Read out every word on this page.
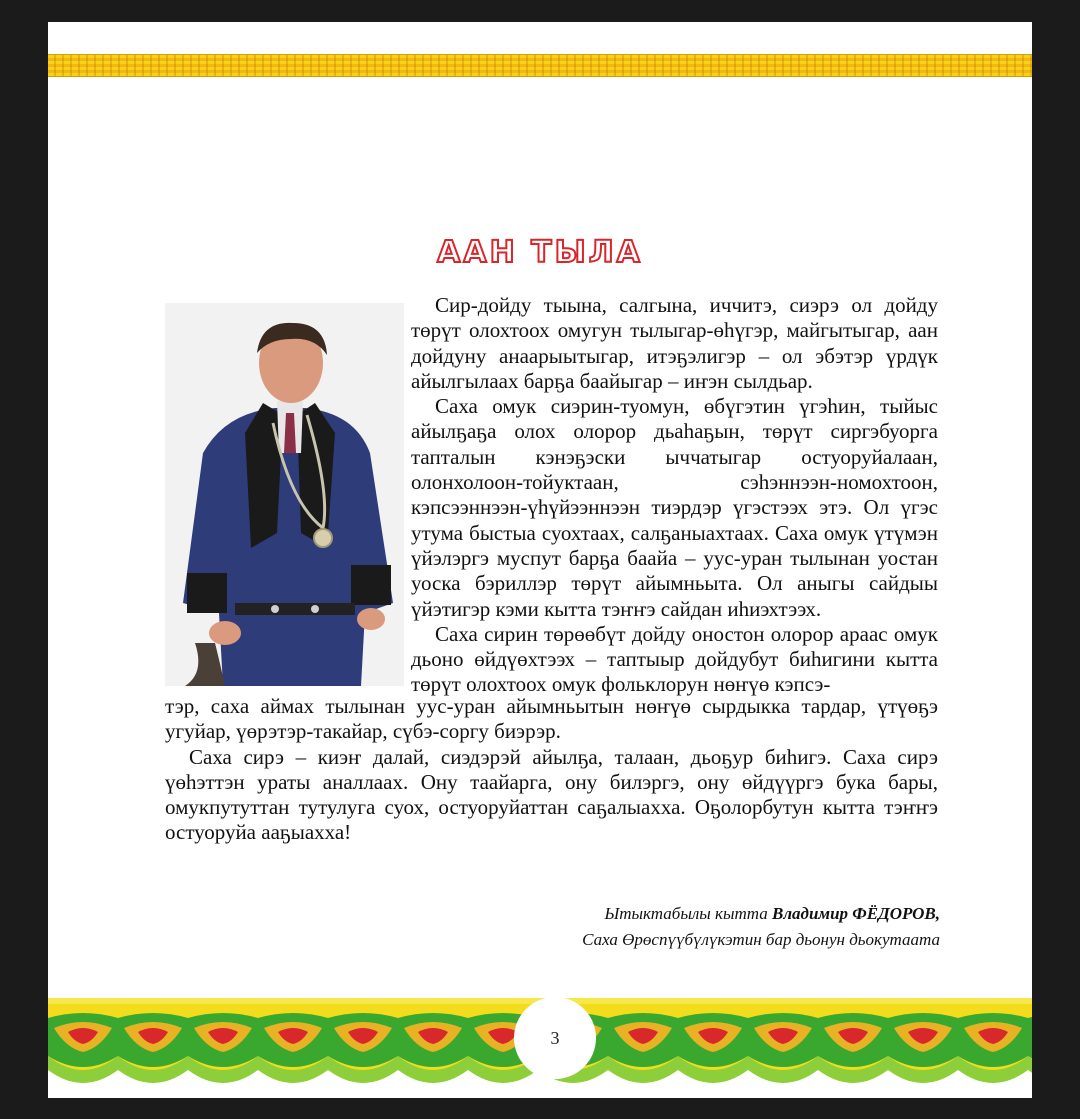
ААН ТЫЛА

Сир-дойду тыына, салгына, иччитэ, сиэрэ ол дойду төрүт олохтоох омугун тылыгар-өһүгэр, майгытыгар, аан дойдуну анаарыытыгар, итэҕэлигэр – ол эбэтэр үрдүк айылгылаах барҕа баайыгар – иҥэн сылдьар.

Саха омук сиэрин-туомун, өбүгэтин үгэһин, тыйыс айылҕаҕа олох олорор дьаһаҕын, төрүт сиргэбуорга тапталын кэнэҕэски ыччатыгар остуоруйалаан, олонхолоон-тойуктаан, сэһэннээн-номохтоон, кэпсээннээн-үһүйээннээн тиэрдэр үгэстээх этэ. Ол үгэс утума быстыа суохтаах, салҕаныахтаах. Саха омук үтүмэн үйэлэргэ муспут барҕа баайа – уус-уран тылынан уостан уоска бэриллэр төрүт айымньыта. Ол аныгы сайдыы үйэтигэр кэми кытта тэҥҥэ сайдан иһиэхтээх.

Саха сирин төрөөбүт дойду оностон олорор араас омук дьоно өйдүөхтээх – таптыыр дойдубут биһигини кытта төрүт олохтоох омук фольклорун нөҥүө кэпсэ-

тэр, саха аймах тылынан уус-уран айымньытын нөҥүө сырдыкка тардар, үтүөҕэ угуйар, үөрэтэр-такайар, сүбэ-соргу биэрэр.

Саха сирэ – киэҥ далай, сиэдэрэй айылҕа, талаан, дьоҕур биһигэ. Саха сирэ үөһэттэн ураты аналлаах. Ону таайарга, ону билэргэ, ону өйдүүргэ бука бары, омукпутуттан тутулуга суох, остуоруйаттан саҕалыахха. Оҕолорбутун кытта тэҥҥэ остуоруйа ааҕыахха!

Ытыктабылы кытта Владимир ФЁДОРОВ,
Саха Өрөспүүбүлүкэтин бар дьонун дьокутаата
3
